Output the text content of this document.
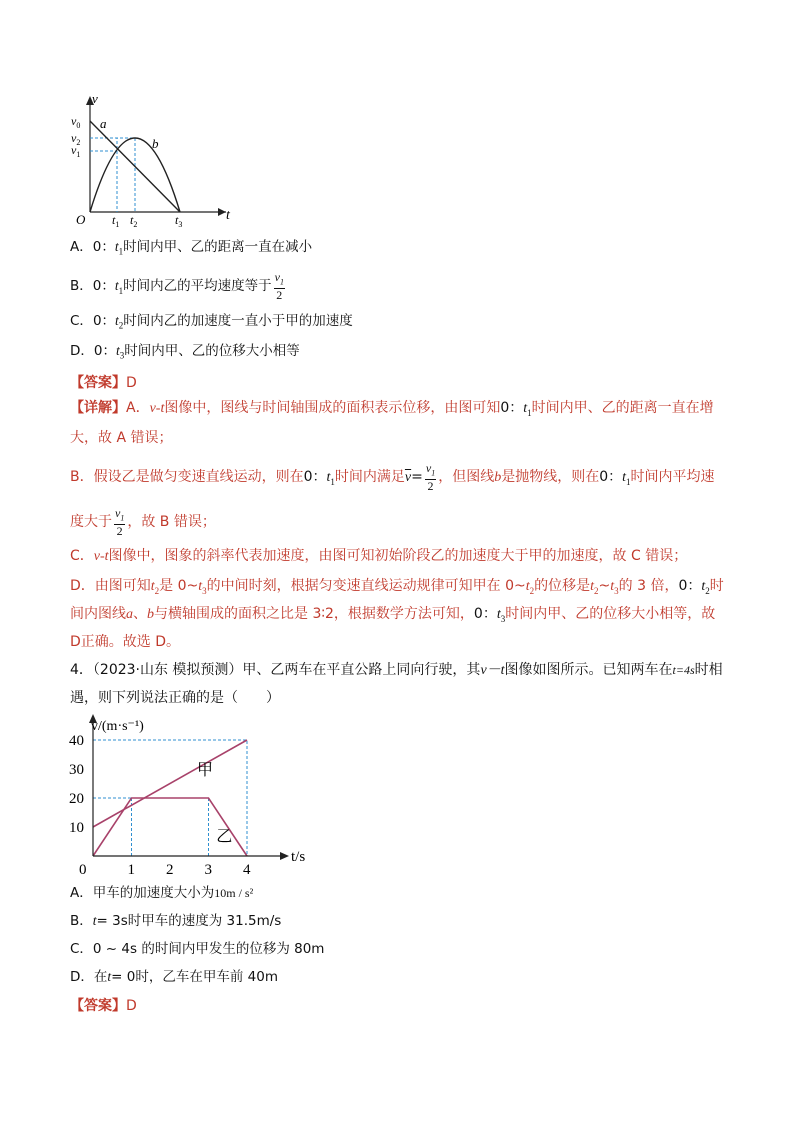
v
t
O
$v_0$
$v_2$
$v_1$
$t_1$ $t_2$	$t_3$
a
b
A．0：$t_1$时间内甲、乙的距离一直在减小
B．0：$t_1$时间内乙的平均速度等于 $\frac{v_1}{2}$
C．0：$t_2$时间内乙的加速度一直小于甲的加速度
D．0：$t_3$时间内甲、乙的位移大小相等
【答案】D
【详解】A．v-t图像中，图线与时间轴围成的面积表示位移，由图可知0：$t_1$时间内甲、乙的距离一直在增
大，故 A 错误；
B．假设乙是做匀变速直线运动，则在0：$t_1$时间内满足$\overline{v}= \frac{v_1}{2}$ ，但图线b是抛物线，则在0：$t_1$时间内平均速
度大于 $\frac{v_1}{2}$ ，故 B 错误；
C．v-t图像中，图象的斜率代表加速度，由图可知初始阶段乙的加速度大于甲的加速度，故 C 错误；
D．由图可知$t_2$是 $0\sim t_3$的中间时刻，根据匀变速直线运动规律可知甲在 $0\sim t_2$的位移是$t_2\sim t_3$的 3 倍，0：$t_2$时
间内图线a、b与横轴围成的面积之比是 3∶2，根据数学方法可知，0：$t_3$时间内甲、乙的位移大小相等，故
D正确。故选 D。
4．（2023·山东 模拟预测）甲、乙两车在平直公路上同向行驶，其v－t图像如图所示。已知两车在t=4s时相
遇，则下列说法正确的是（　　）
1 2 3 4
10
20
30
40
v/(m·s⁻¹)
t/s
0
甲
乙
A．甲车的加速度大小为10m / s²
B．t= 3s时甲车的速度为 31.5m/s
C．0 ~ 4s 的时间内甲发生的位移为 80m
D．在t= 0时，乙车在甲车前 40m
【答案】D
